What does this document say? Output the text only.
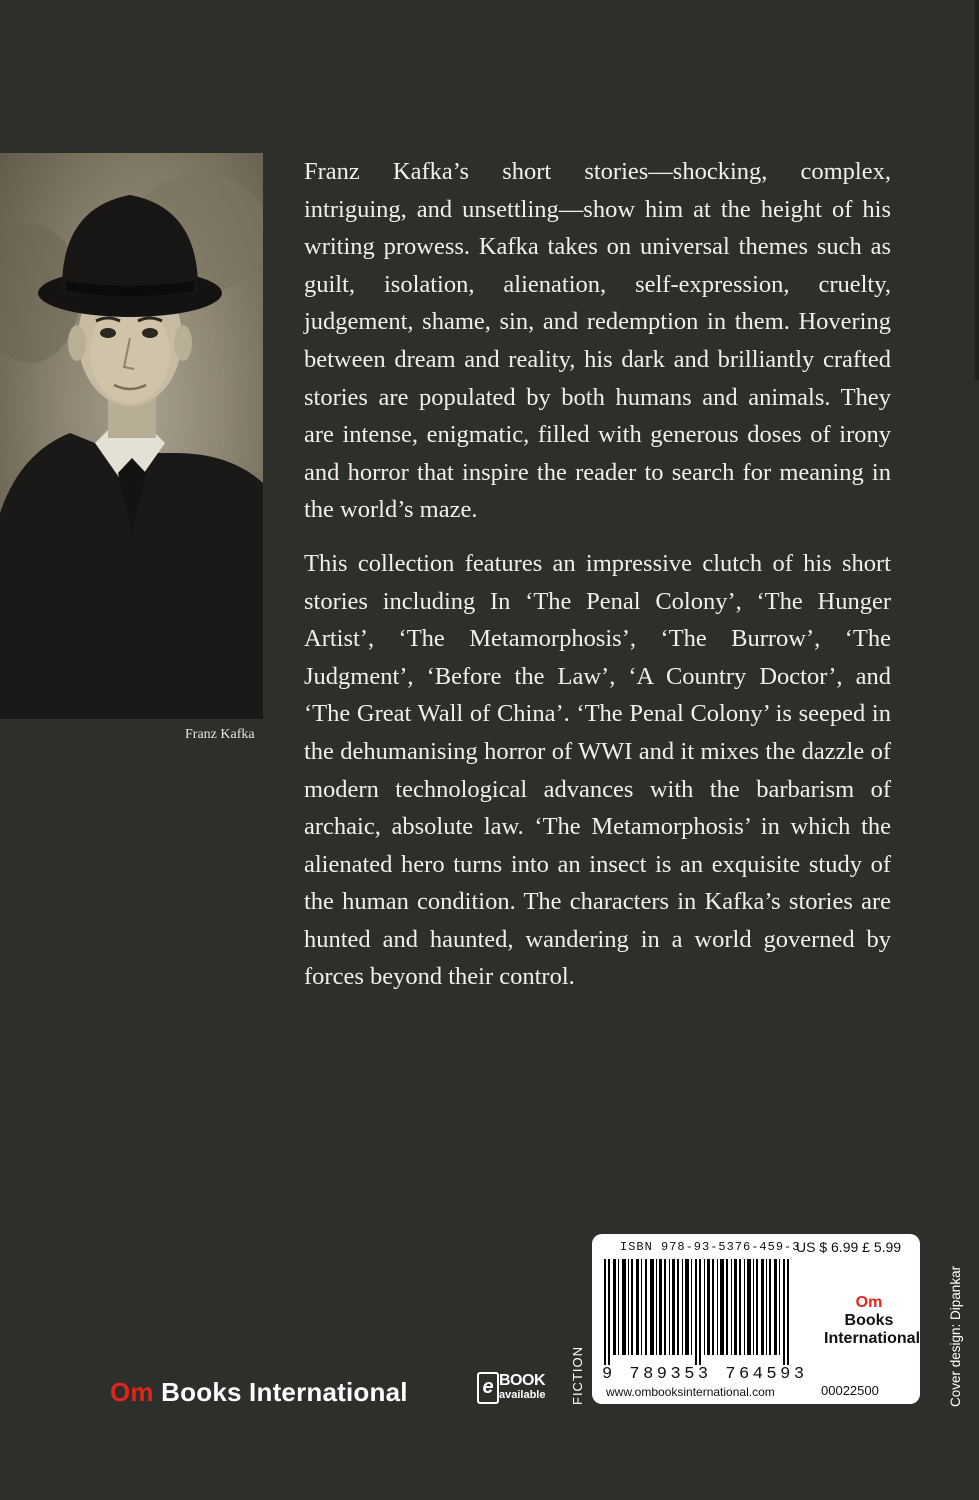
Franz Kafka

Franz Kafka’s short stories—shocking, complex, intriguing, and unsettling—show him at the height of his writing prowess. Kafka takes on universal themes such as guilt, isolation, alienation, self-expression, cruelty, judgement, shame, sin, and redemption in them. Hovering between dream and reality, his dark and brilliantly crafted stories are populated by both humans and animals. They are intense, enigmatic, filled with generous doses of irony and horror that inspire the reader to search for meaning in the world’s maze.

This collection features an impressive clutch of his short stories including In ‘The Penal Colony’, ‘The Hunger Artist’, ‘The Metamorphosis’, ‘The Burrow’, ‘The Judgment’, ‘Before the Law’, ‘A Country Doctor’, and ‘The Great Wall of China’. ‘The Penal Colony’ is seeped in the dehumanising horror of WWI and it mixes the dazzle of modern technological advances with the barbarism of archaic, absolute law. ‘The Metamorphosis’ in which the alienated hero turns into an insect is an exquisite study of the human condition. The characters in Kafka’s stories are hunted and haunted, wandering in a world governed by forces beyond their control.

Om Books International	e BOOK
available FICTION
ISBN 978-93-5376-459-3
US $ 6.99 £ 5.99
9 789353 764593
www.ombooksinternational.com
Om
Books
International
00022500	Cover design: Dipankar
